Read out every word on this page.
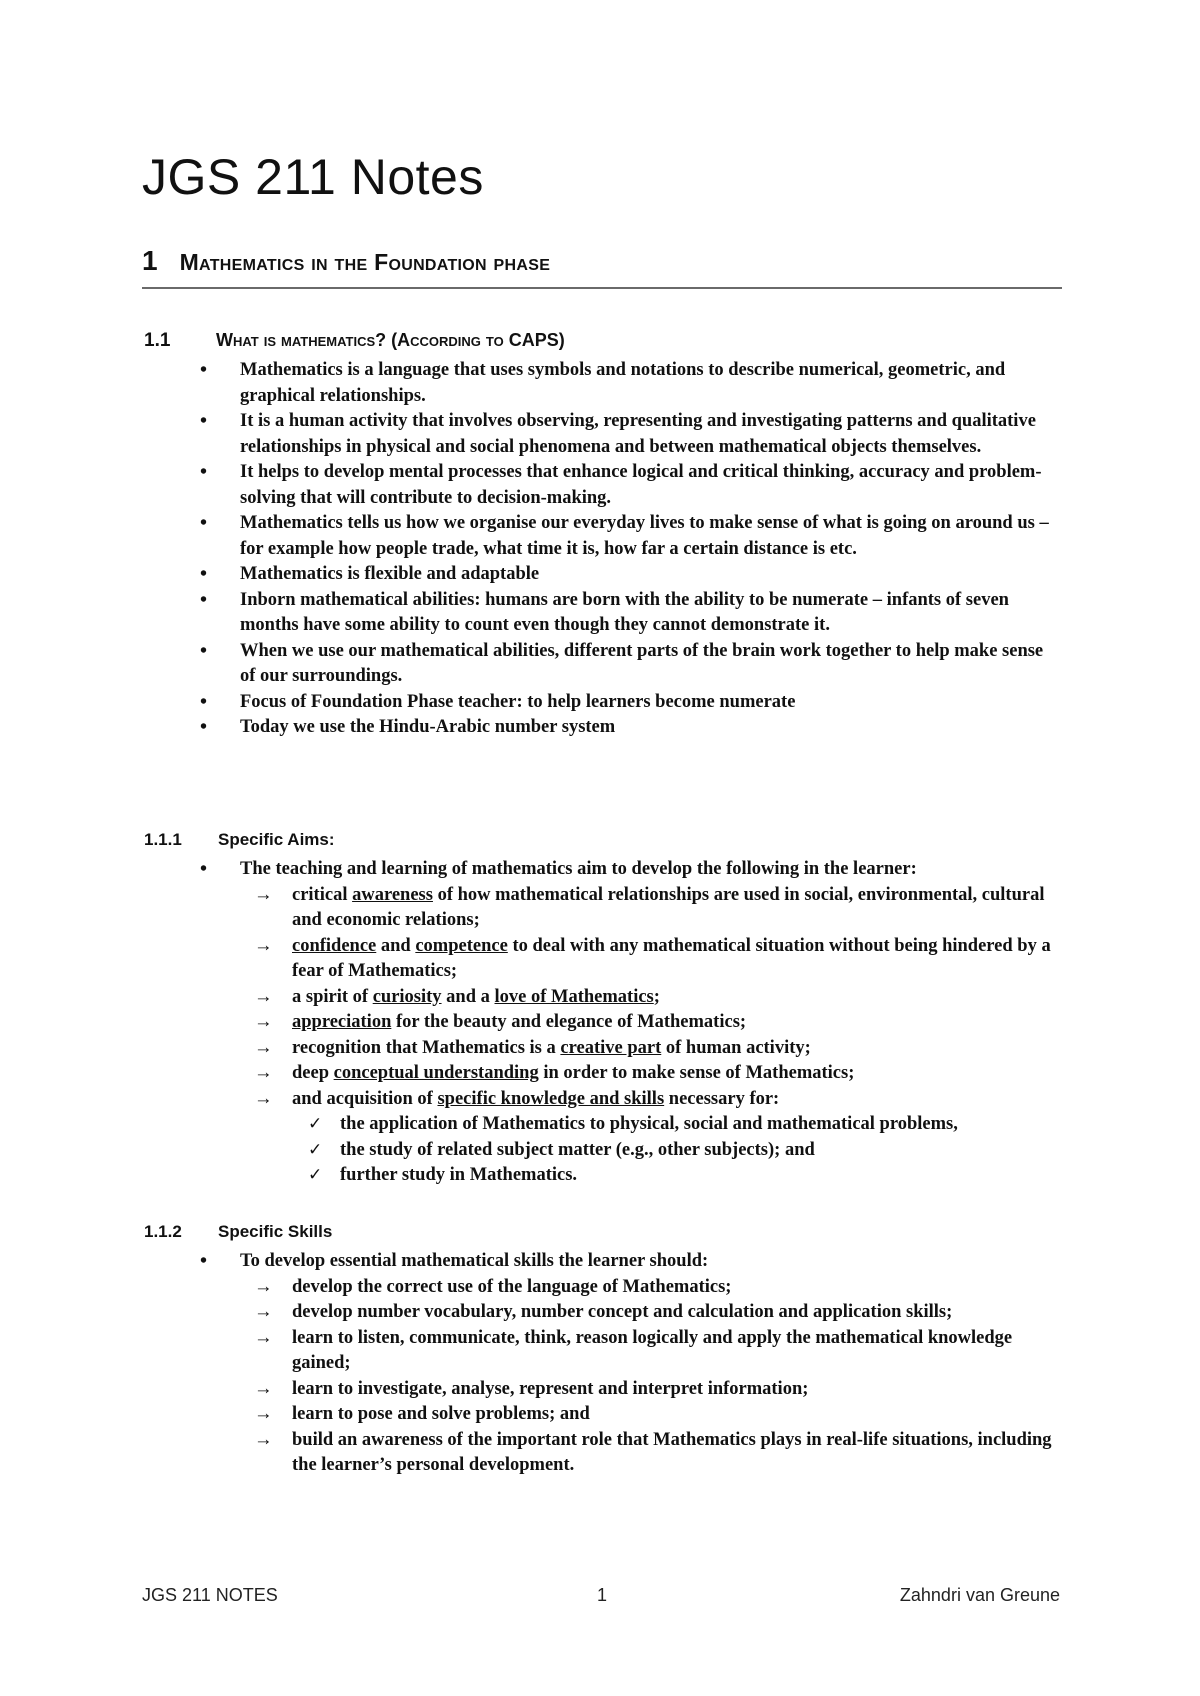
JGS 211 Notes
1 Mathematics in the Foundation phase
1.1	What is mathematics? (According to CAPS)
• Mathematics is a language that uses symbols and notations to describe numerical, geometric, and graphical relationships.
• It is a human activity that involves observing, representing and investigating patterns and qualitative relationships in physical and social phenomena and between mathematical objects themselves.
• It helps to develop mental processes that enhance logical and critical thinking, accuracy and problem-solving that will contribute to decision-making.
• Mathematics tells us how we organise our everyday lives to make sense of what is going on around us – for example how people trade, what time it is, how far a certain distance is etc.
• Mathematics is flexible and adaptable
• Inborn mathematical abilities: humans are born with the ability to be numerate – infants of seven months have some ability to count even though they cannot demonstrate it.
• When we use our mathematical abilities, different parts of the brain work together to help make sense of our surroundings.
• Focus of Foundation Phase teacher: to help learners become numerate
• Today we use the Hindu-Arabic number system
1.1.1 Specific Aims:
• The teaching and learning of mathematics aim to develop the following in the learner:
→ critical awareness of how mathematical relationships are used in social, environmental, cultural and economic relations;
→ confidence and competence to deal with any mathematical situation without being hindered by a fear of Mathematics;
→ a spirit of curiosity and a love of Mathematics;
→ appreciation for the beauty and elegance of Mathematics;
→ recognition that Mathematics is a creative part of human activity;
→ deep conceptual understanding in order to make sense of Mathematics;
→ and acquisition of specific knowledge and skills necessary for:
✓ the application of Mathematics to physical, social and mathematical problems,
✓ the study of related subject matter (e.g., other subjects); and
✓ further study in Mathematics.
1.1.2 Specific Skills
• To develop essential mathematical skills the learner should:
→ develop the correct use of the language of Mathematics;
→ develop number vocabulary, number concept and calculation and application skills;
→ learn to listen, communicate, think, reason logically and apply the mathematical knowledge gained;
→ learn to investigate, analyse, represent and interpret information;
→ learn to pose and solve problems; and
→ build an awareness of the important role that Mathematics plays in real-life situations, including the learner’s personal development.
JGS 211 NOTES	1	Zahndri van Greune
